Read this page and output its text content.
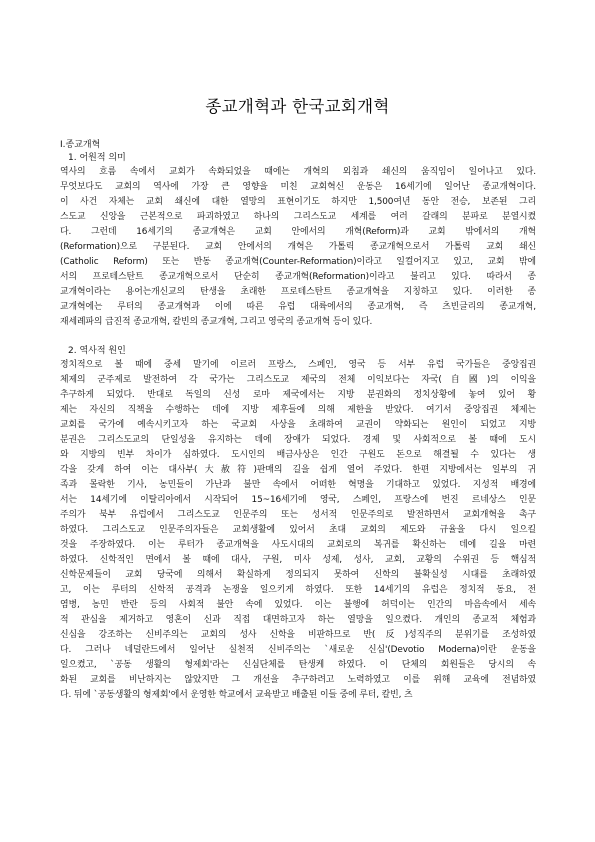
종교개혁과 한국교회개혁
Ⅰ.종교개혁
1. 어원적 의미
역사의 흐름 속에서 교회가 속화되었을 때에는 개혁의 외침과 쇄신의 움직임이 일어나고 있다.
무엇보다도 교회의 역사에 가장 큰 영향을 미친 교회혁신 운동은 16세기에 일어난 종교개혁이다.
이 사건 자체는 교회 쇄신에 대한 열망의 표현이기도 하지만 1,500여년 동안 전승, 보존된 그리
스도교 신앙을 근본적으로 파괴하였고 하나의 그리스도교 세계를 여러 갈래의 분파로 분열시켰
다. 그런데 16세기의 종교개혁은 교회 안에서의 개혁(Reform)과 교회 밖에서의 개혁
(Reformation)으로 구분된다. 교회 안에서의 개혁은 가톨릭 종교개혁으로서 가톨릭 교회 쇄신
(Catholic Reform) 또는 반동 종교개혁(Counter-Reformation)이라고 일컬어지고 있고, 교회 밖에
서의 프로테스탄트 종교개혁으로서 단순히 종교개혁(Reformation)이라고 불리고 있다. 따라서 종
교개혁이라는 용어는개신교의 탄생을 초래한 프로테스탄트 종교개혁을 지칭하고 있다. 이러한 종
교개혁에는 루터의 종교개혁과 이에 따른 유럽 대륙에서의 종교개혁, 즉 츠빈글리의 종교개혁,
재세례파의 급진적 종교개혁, 칼빈의 종교개혁, 그리고 영국의 종교개혁 등이 있다.
2. 역사적 원인
정치적으로 볼 때에 중세 말기에 이르러 프랑스, 스페인, 영국 등 서부 유럽 국가들은 중앙집권
체제의 군주제로 발전하여 각 국가는 그리스도교 제국의 전체 이익보다는 자국(自國)의 이익을
추구하게 되었다. 반대로 독일의 신성 로마 제국에서는 지방 분권화의 정치상황에 놓여 있어 황
제는 자신의 직책을 수행하는 데에 지방 제후들에 의해 제한을 받았다. 여기서 중앙집권 체제는
교회를 국가에 예속시키고자 하는 국교회 사상을 초래하여 교권이 약화되는 원인이 되었고 지방
분권은 그리스도교의 단일성을 유지하는 데에 장애가 되었다. 경제 및 사회적으로 볼 때에 도시
와 지방의 빈부 차이가 심하였다. 도시인의 배금사상은 인간 구원도 돈으로 해결될 수 있다는 생
각을 갖게 하여 이는 대사부(大赦符)판매의 길을 쉽게 열어 주었다. 한편 지방에서는 일부의 귀
족과 몰락한 기사, 농민들이 가난과 불만 속에서 어떠한 혁명을 기대하고 있었다. 지성적 배경에
서는 14세기에 이탈리아에서 시작되어 15~16세기에 영국, 스페인, 프랑스에 번진 르네상스 인문
주의가 북부 유럽에서 그리스도교 인문주의 또는 성서적 인문주의로 발전하면서 교회개혁을 촉구
하였다. 그리스도교 인문주의자들은 교회생활에 있어서 초대 교회의 제도와 규율을 다시 일으킬
것을 주장하였다. 이는 루터가 종교개혁을 사도시대의 교회로의 복귀를 확신하는 데에 길을 마련
하였다. 신학적인 면에서 볼 때에 대사, 구원, 미사 성제, 성사, 교회, 교황의 수위권 등 핵심적
신학문제들이 교회 당국에 의해서 확실하게 정의되지 못하여 신학의 불확실성 시대를 초래하였
고, 이는 루터의 신학적 공격과 논쟁을 일으키게 하였다. 또한 14세기의 유럽은 정치적 동요, 전
염병, 농민 반란 등의 사회적 불안 속에 있었다. 이는 불행에 허덕이는 인간의 마음속에서 세속
적 관심을 제거하고 영혼이 신과 직접 대면하고자 하는 열망을 일으켰다. 개인의 종교적 체험과
신심을 강조하는 신비주의는 교회의 성사 신학을 비판하므로 반(反)성직주의 분위기를 조성하였
다. 그러나 네덜란드에서 일어난 실천적 신비주의는 `새로운 신심'(Devotio Moderna)이란 운동을
일으켰고, `공동 생활의 형제회'라는 신심단체를 탄생케 하였다. 이 단체의 회원들은 당시의 속
화된 교회를 비난하지는 않았지만 그 개선을 추구하려고 노력하였고 이를 위해 교육에 전념하였
다. 뒤에 `공동생활의 형제회'에서 운영한 학교에서 교육받고 배출된 이들 중에 루터, 칼빈, 츠
